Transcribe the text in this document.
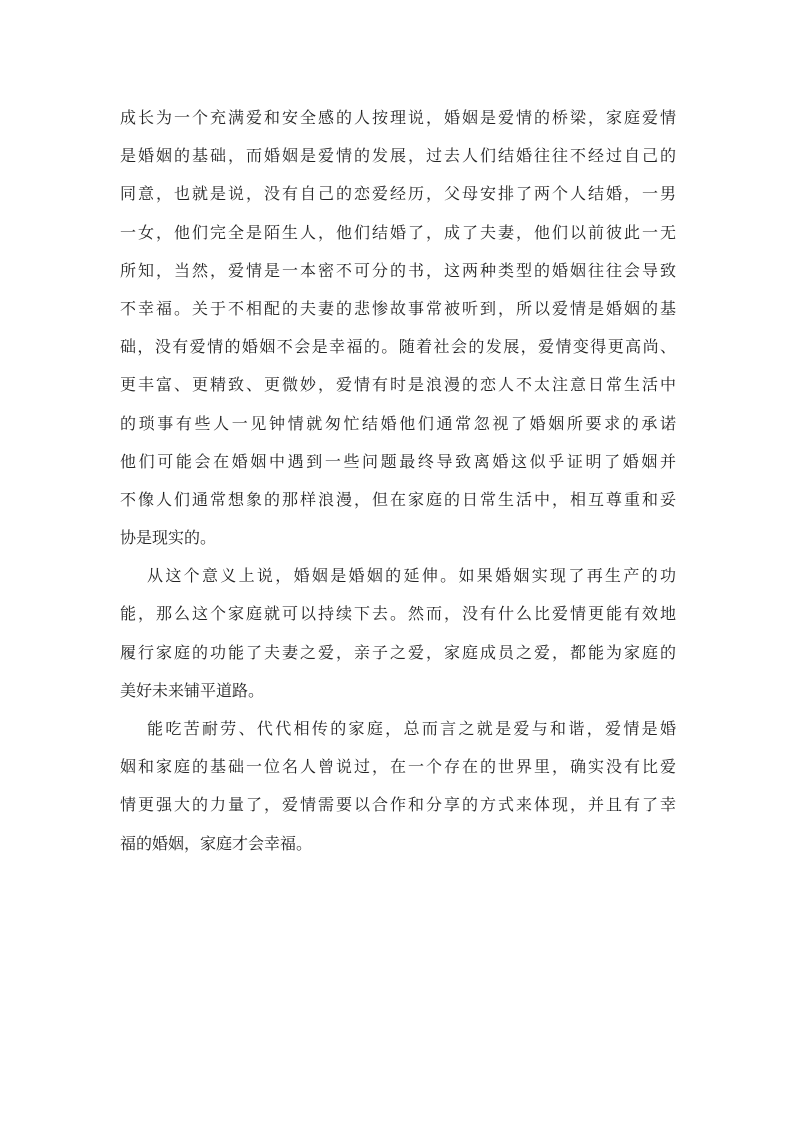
成长为一个充满爱和安全感的人按理说，婚姻是爱情的桥梁，家庭爱情
是婚姻的基础，而婚姻是爱情的发展，过去人们结婚往往不经过自己的
同意，也就是说，没有自己的恋爱经历，父母安排了两个人结婚，一男
一女，他们完全是陌生人，他们结婚了，成了夫妻，他们以前彼此一无
所知，当然，爱情是一本密不可分的书，这两种类型的婚姻往往会导致
不幸福。关于不相配的夫妻的悲惨故事常被听到，所以爱情是婚姻的基
础，没有爱情的婚姻不会是幸福的。随着社会的发展，爱情变得更高尚、
更丰富、更精致、更微妙，爱情有时是浪漫的恋人不太注意日常生活中
的琐事有些人一见钟情就匆忙结婚他们通常忽视了婚姻所要求的承诺
他们可能会在婚姻中遇到一些问题最终导致离婚这似乎证明了婚姻并
不像人们通常想象的那样浪漫，但在家庭的日常生活中，相互尊重和妥
协是现实的。
从这个意义上说，婚姻是婚姻的延伸。如果婚姻实现了再生产的功
能，那么这个家庭就可以持续下去。然而，没有什么比爱情更能有效地
履行家庭的功能了夫妻之爱，亲子之爱，家庭成员之爱，都能为家庭的
美好未来铺平道路。
能吃苦耐劳、代代相传的家庭，总而言之就是爱与和谐，爱情是婚
姻和家庭的基础一位名人曾说过，在一个存在的世界里，确实没有比爱
情更强大的力量了，爱情需要以合作和分享的方式来体现，并且有了幸
福的婚姻，家庭才会幸福。
